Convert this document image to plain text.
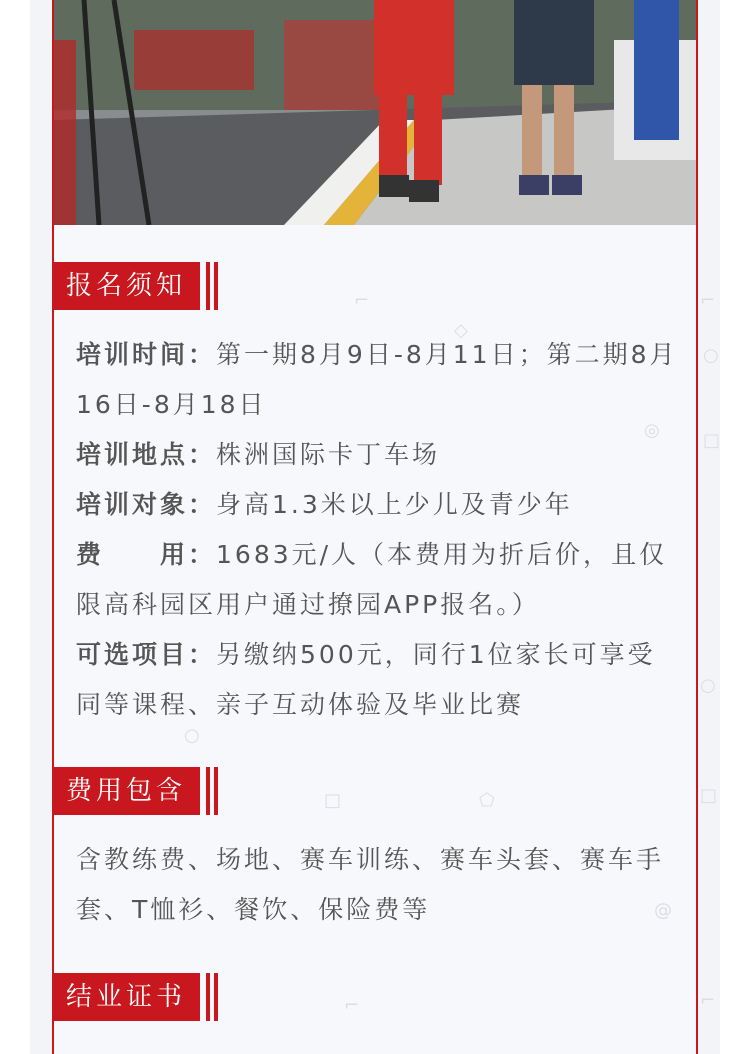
报名须知
培训时间：第一期8月9日-8月11日；第二期8月16日-8月18日
培训地点：株洲国际卡丁车场
培训对象：身高1.3米以上少儿及青少年
费　　用：1683元/人（本费用为折后价，且仅限高科园区用户通过撩园APP报名。）
可选项目：另缴纳500元，同行1位家长可享受同等课程、亲子互动体验及毕业比赛
费用包含
含教练费、场地、赛车训练、赛车头套、赛车手套、T恤衫、餐饮、保险费等
结业证书
⌐
◇
◎
○
□	⬠
@
⌐
⌐
○
□
○
□
⌐
